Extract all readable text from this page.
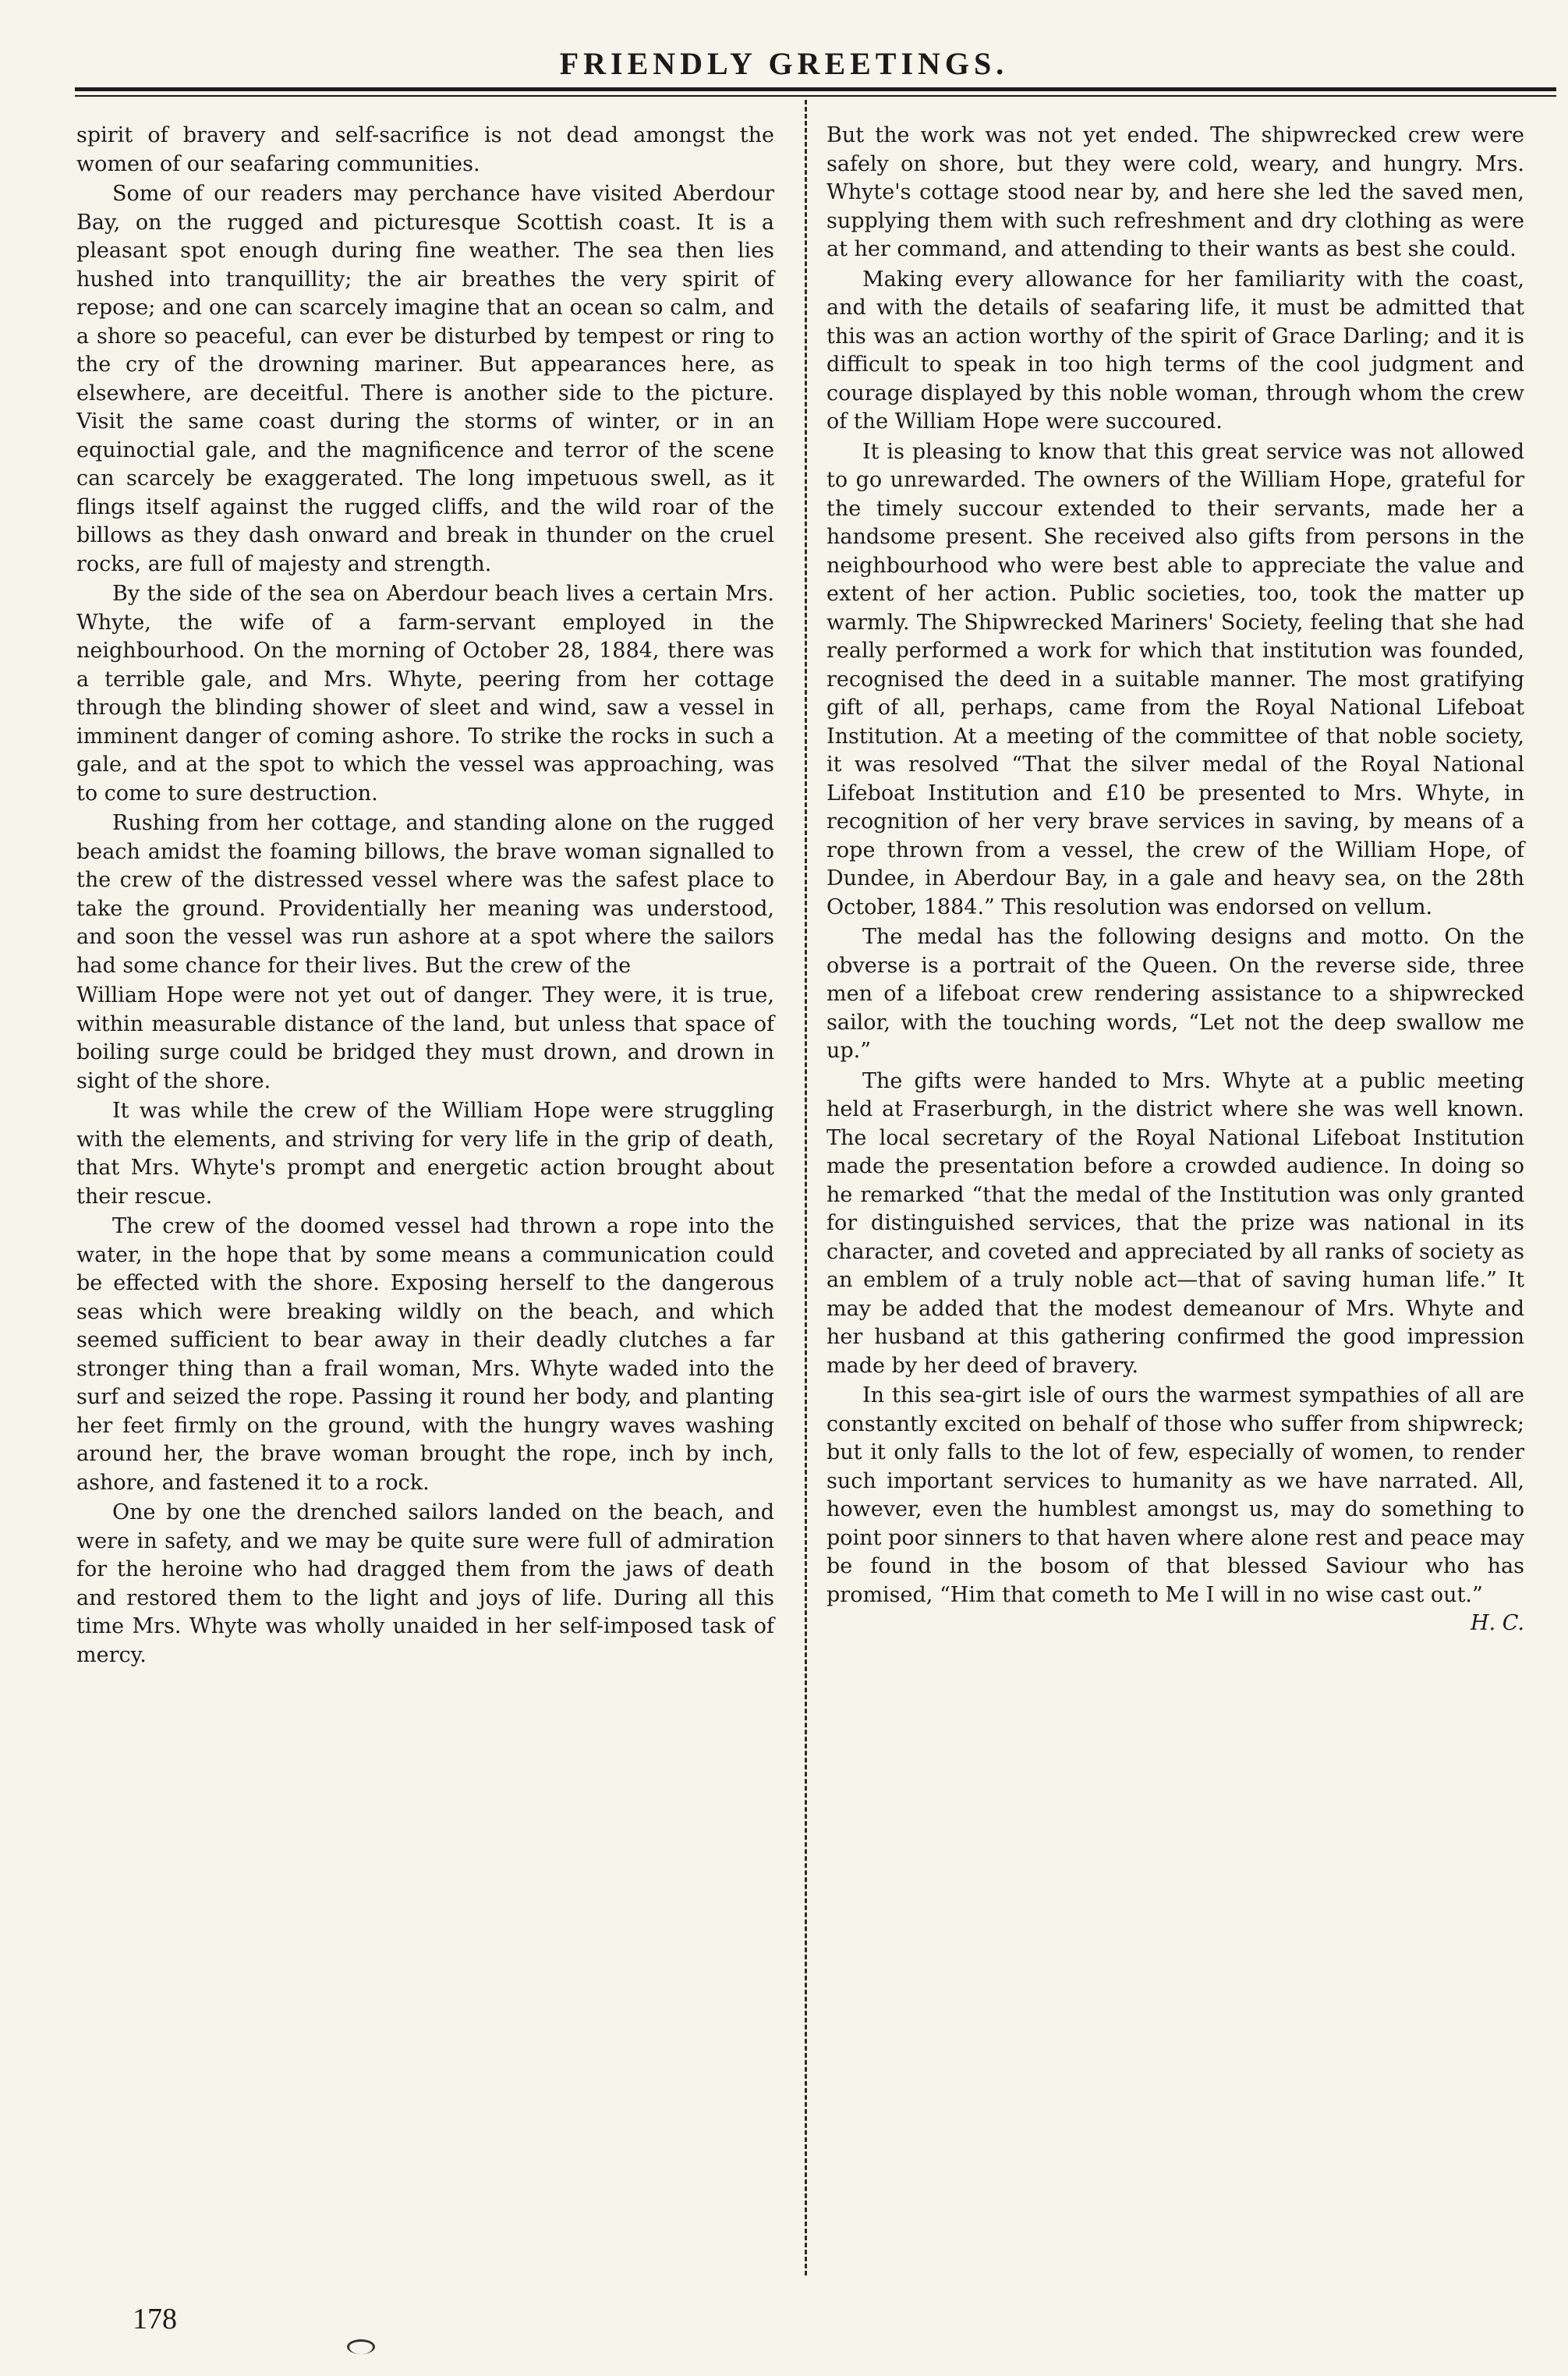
FRIENDLY GREETINGS.

spirit of bravery and self-sacrifice is not dead amongst the women of our seafaring communities.

Some of our readers may perchance have visited Aberdour Bay, on the rugged and picturesque Scottish coast. It is a pleasant spot enough during fine weather. The sea then lies hushed into tranquillity; the air breathes the very spirit of repose; and one can scarcely imagine that an ocean so calm, and a shore so peaceful, can ever be disturbed by tempest or ring to the cry of the drowning mariner. But appearances here, as elsewhere, are deceitful. There is another side to the picture. Visit the same coast during the storms of winter, or in an equinoctial gale, and the magnificence and terror of the scene can scarcely be exaggerated. The long impetuous swell, as it flings itself against the rugged cliffs, and the wild roar of the billows as they dash onward and break in thunder on the cruel rocks, are full of majesty and strength.

By the side of the sea on Aberdour beach lives a certain Mrs. Whyte, the wife of a farm-servant employed in the neighbourhood. On the morning of October 28, 1884, there was a terrible gale, and Mrs. Whyte, peering from her cottage through the blinding shower of sleet and wind, saw a vessel in imminent danger of coming ashore. To strike the rocks in such a gale, and at the spot to which the vessel was approaching, was to come to sure destruction.

Rushing from her cottage, and standing alone on the rugged beach amidst the foaming billows, the brave woman signalled to the crew of the distressed vessel where was the safest place to take the ground. Providentially her meaning was understood, and soon the vessel was run ashore at a spot where the sailors had some chance for their lives. But the crew of the

William Hope were not yet out of danger. They were, it is true, within measurable distance of the land, but unless that space of boiling surge could be bridged they must drown, and drown in sight of the shore.

It was while the crew of the William Hope were struggling with the elements, and striving for very life in the grip of death, that Mrs. Whyte's prompt and energetic action brought about their rescue.

The crew of the doomed vessel had thrown a rope into the water, in the hope that by some means a communication could be effected with the shore. Exposing herself to the dangerous seas which were breaking wildly on the beach, and which seemed sufficient to bear away in their deadly clutches a far stronger thing than a frail woman, Mrs. Whyte waded into the surf and seized the rope. Passing it round her body, and planting her feet firmly on the ground, with the hungry waves washing around her, the brave woman brought the rope, inch by inch, ashore, and fastened it to a rock.

One by one the drenched sailors landed on the beach, and were in safety, and we may be quite sure were full of admiration for the heroine who had dragged them from the jaws of death and restored them to the light and joys of life. During all this time Mrs. Whyte was wholly unaided in her self-imposed task of mercy.

But the work was not yet ended. The shipwrecked crew were safely on shore, but they were cold, weary, and hungry. Mrs. Whyte's cottage stood near by, and here she led the saved men, supplying them with such refreshment and dry clothing as were at her command, and attending to their wants as best she could.

Making every allowance for her familiarity with the coast, and with the details of seafaring life, it must be admitted that this was an action worthy of the spirit of Grace Darling; and it is difficult to speak in too high terms of the cool judgment and courage displayed by this noble woman, through whom the crew of the William Hope were succoured.

It is pleasing to know that this great service was not allowed to go unrewarded. The owners of the William Hope, grateful for the timely succour extended to their servants, made her a handsome present. She received also gifts from persons in the neighbourhood who were best able to appreciate the value and extent of her action. Public societies, too, took the matter up warmly. The Shipwrecked Mariners' Society, feeling that she had really performed a work for which that institution was founded, recognised the deed in a suitable manner. The most gratifying gift of all, perhaps, came from the Royal National Lifeboat Institution. At a meeting of the committee of that noble society, it was resolved “That the silver medal of the Royal National Lifeboat Institution and £10 be presented to Mrs. Whyte, in recognition of her very brave services in saving, by means of a rope thrown from a vessel, the crew of the William Hope, of Dundee, in Aberdour Bay, in a gale and heavy sea, on the 28th October, 1884.” This resolution was endorsed on vellum.

The medal has the following designs and motto. On the obverse is a portrait of the Queen. On the reverse side, three men of a lifeboat crew rendering assistance to a shipwrecked sailor, with the touching words, “Let not the deep swallow me up.”

The gifts were handed to Mrs. Whyte at a public meeting held at Fraserburgh, in the district where she was well known. The local secretary of the Royal National Lifeboat Institution made the presentation before a crowded audience. In doing so he remarked “that the medal of the Institution was only granted for distinguished services, that the prize was national in its character, and coveted and appreciated by all ranks of society as an emblem of a truly noble act—that of saving human life.” It may be added that the modest demeanour of Mrs. Whyte and her husband at this gathering confirmed the good impression made by her deed of bravery.

In this sea-girt isle of ours the warmest sympathies of all are constantly excited on behalf of those who suffer from shipwreck; but it only falls to the lot of few, especially of women, to render such important services to humanity as we have narrated. All, however, even the humblest amongst us, may do something to point poor sinners to that haven where alone rest and peace may be found in the bosom of that blessed Saviour who has promised, “Him that cometh to Me I will in no wise cast out.”
H. C.

178
